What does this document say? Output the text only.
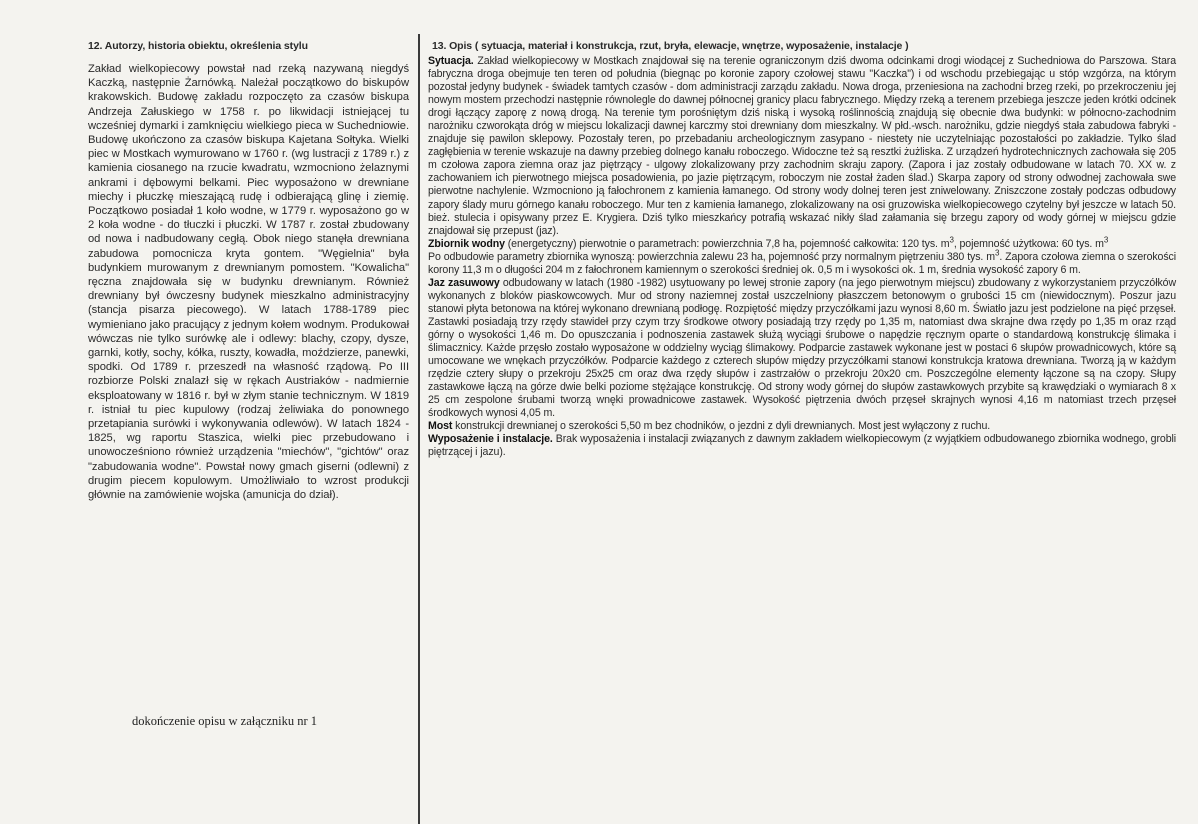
12. Autorzy, historia obiektu, określenia stylu

Zakład wielkopiecowy powstał nad rzeką nazywaną niegdyś Kaczką, następnie Żarnówką. Należał początkowo do biskupów krakowskich. Budowę zakładu rozpoczęto za czasów biskupa Andrzeja Załuskiego w 1758 r. po likwidacji istniejącej tu wcześniej dymarki i zamknięciu wielkiego pieca w Suchedniowie. Budowę ukończono za czasów biskupa Kajetana Sołtyka. Wielki piec w Mostkach wymurowano w 1760 r. (wg lustracji z 1789 r.) z kamienia ciosanego na rzucie kwadratu, wzmocniono żelaznymi ankrami i dębowymi belkami. Piec wyposażono w drewniane miechy i płuczkę mieszającą rudę i odbierającą glinę i ziemię. Początkowo posiadał 1 koło wodne, w 1779 r. wyposażono go w 2 koła wodne - do tłuczki i płuczki. W 1787 r. został zbudowany od nowa i nadbudowany cegłą. Obok niego stanęła drewniana zabudowa pomocnicza kryta gontem. "Węgielnia" była budynkiem murowanym z drewnianym pomostem. "Kowalicha" ręczna znajdowała się w budynku drewnianym. Również drewniany był ówczesny budynek mieszkalno administracyjny (stancja pisarza piecowego). W latach 1788-1789 piec wymieniano jako pracujący z jednym kołem wodnym. Produkował wówczas nie tylko surówkę ale i odlewy: blachy, czopy, dysze, garnki, kotły, sochy, kółka, ruszty, kowadła, moździerze, panewki, spodki. Od 1789 r. przeszedł na własność rządową. Po III rozbiorze Polski znalazł się w rękach Austriaków - nadmiernie eksploatowany w 1816 r. był w złym stanie technicznym. W 1819 r. istniał tu piec kupulowy (rodzaj żeliwiaka do ponownego przetapiania surówki i wykonywania odlewów). W latach 1824 - 1825, wg raportu Staszica, wielki piec przebudowano i unowocześniono również urządzenia "miechów", "gichtów" oraz "zabudowania wodne". Powstał nowy gmach giserni (odlewni) z drugim piecem kopulowym. Umożliwiało to wzrost produkcji głównie na zamówienie wojska (amunicja do dział).

dokończenie opisu w załączniku nr 1
13. Opis ( sytuacja, materiał i konstrukcja, rzut, bryła, elewacje, wnętrze, wyposażenie, instalacje )

Sytuacja. Zakład wielkopiecowy w Mostkach znajdował się na terenie ograniczonym dziś dwoma odcinkami drogi wiodącej z Suchedniowa do Parszowa. Stara fabryczna droga obejmuje ten teren od południa (biegnąc po koronie zapory czołowej stawu "Kaczka") i od wschodu przebiegając u stóp wzgórza, na którym pozostał jedyny budynek - świadek tamtych czasów - dom administracji zarządu zakładu. Nowa droga, przeniesiona na zachodni brzeg rzeki, po przekroczeniu jej nowym mostem przechodzi następnie równolegle do dawnej północnej granicy placu fabrycznego. Między rzeką a terenem przebiega jeszcze jeden krótki odcinek drogi łączący zaporę z nową drogą. Na terenie tym porośniętym dziś niską i wysoką roślinnością znajdują się obecnie dwa budynki: w północno-zachodnim narożniku czworokąta dróg w miejscu lokalizacji dawnej karczmy stoi drewniany dom mieszkalny. W płd.-wsch. narożniku, gdzie niegdyś stała zabudowa fabryki - znajduje się pawilon sklepowy. Pozostały teren, po przebadaniu archeologicznym zasypano - niestety nie uczytelniając pozostałości po zakładzie. Tylko ślad zagłębienia w terenie wskazuje na dawny przebieg dolnego kanału roboczego. Widoczne też są resztki żużliska. Z urządzeń hydrotechnicznych zachowała się 205 m czołowa zapora ziemna oraz jaz piętrzący - ulgowy zlokalizowany przy zachodnim skraju zapory. (Zapora i jaz zostały odbudowane w latach 70. XX w. z zachowaniem ich pierwotnego miejsca posadowienia, po jazie piętrzącym, roboczym nie został żaden ślad.) Skarpa zapory od strony odwodnej zachowała swe pierwotne nachylenie. Wzmocniono ją fałochronem z kamienia łamanego. Od strony wody dolnej teren jest zniwelowany. Zniszczone zostały podczas odbudowy zapory ślady muru górnego kanału roboczego. Mur ten z kamienia łamanego, zlokalizowany na osi gruzowiska wielkopiecowego czytelny był jeszcze w latach 50. bież. stulecia i opisywany przez E. Krygiera. Dziś tylko mieszkańcy potrafią wskazać nikły ślad załamania się brzegu zapory od wody górnej w miejscu gdzie znajdował się przepust (jaz).

Zbiornik wodny (energetyczny) pierwotnie o parametrach: powierzchnia 7,8 ha, pojemność całkowita: 120 tys. $m^3$, pojemność użytkowa: 60 tys. $m^3$

Po odbudowie parametry zbiornika wynoszą: powierzchnia zalewu 23 ha, pojemność przy normalnym piętrzeniu 380 tys. $m^3$. Zapora czołowa ziemna o szerokości korony 11,3 m o długości 204 m z fałochronem kamiennym o szerokości średniej ok. 0,5 m i wysokości ok. 1 m, średnia wysokość zapory 6 m.

Jaz zasuwowy odbudowany w latach (1980 -1982) usytuowany po lewej stronie zapory (na jego pierwotnym miejscu) zbudowany z wykorzystaniem przyczółków wykonanych z bloków piaskowcowych. Mur od strony naziemnej został uszczelniony płaszczem betonowym o grubości 15 cm (niewidocznym). Poszur jazu stanowi płyta betonowa na której wykonano drewnianą podłogę. Rozpiętość między przyczółkami jazu wynosi 8,60 m. Światło jazu jest podzielone na pięć przęseł. Zastawki posiadają trzy rzędy stawideł przy czym trzy środkowe otwory posiadają trzy rzędy po 1,35 m, natomiast dwa skrajne dwa rzędy po 1,35 m oraz rząd górny o wysokości 1,46 m. Do opuszczania i podnoszenia zastawek służą wyciągi śrubowe o napędzie ręcznym oparte o standardową konstrukcję ślimaka i ślimacznicy. Każde przęsło zostało wyposażone w oddzielny wyciąg ślimakowy. Podparcie zastawek wykonane jest w postaci 6 słupów prowadnicowych, które są umocowane we wnękach przyczółków. Podparcie każdego z czterech słupów między przyczółkami stanowi konstrukcja kratowa drewniana. Tworzą ją w każdym rzędzie cztery słupy o przekroju 25x25 cm oraz dwa rzędy słupów i zastrzałów o przekroju 20x20 cm. Poszczególne elementy łączone są na czopy. Słupy zastawkowe łączą na górze dwie belki poziome stężające konstrukcję. Od strony wody górnej do słupów zastawkowych przybite są krawędziaki o wymiarach 8 x 25 cm zespolone śrubami tworzą wnęki prowadnicowe zastawek. Wysokość piętrzenia dwóch przęseł skrajnych wynosi 4,16 m natomiast trzech przęseł środkowych wynosi 4,05 m.

Most konstrukcji drewnianej o szerokości 5,50 m bez chodników, o jezdni z dyli drewnianych. Most jest wyłączony z ruchu.

Wyposażenie i instalacje. Brak wyposażenia i instalacji związanych z dawnym zakładem wielkopiecowym (z wyjątkiem odbudowanego zbiornika wodnego, grobli piętrzącej i jazu).
